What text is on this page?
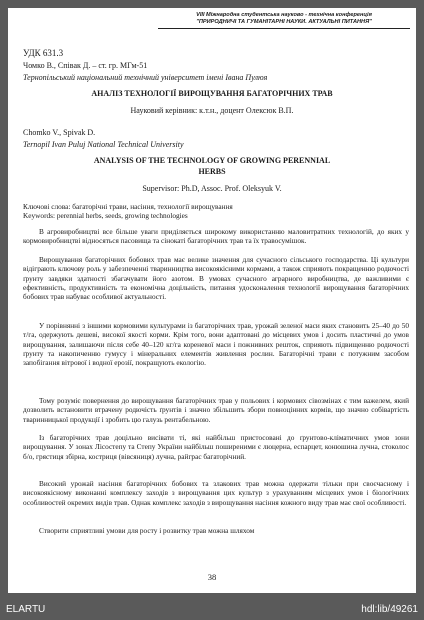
VIII Міжнародна студентська науково - технічна конференція
"ПРИРОДНИЧІ ТА ГУМАНІТАРНІ НАУКИ. АКТУАЛЬНІ ПИТАННЯ"
УДК 631.3
Чомко В., Співак Д. – ст. гр. МГм-51
Тернопільський національний технічний університет імені Івана Пулюя
АНАЛІЗ ТЕХНОЛОГІЇ ВИРОЩУВАННЯ БАГАТОРІЧНИХ ТРАВ
Науковий керівник: к.т.н., доцент Олексюк В.П.
Chomko V., Spivak D.
Ternopil Ivan Puluj National Technical University
ANALYSIS OF THE TECHNOLOGY OF GROWING PERENNIAL
HERBS
Supervisor: Ph.D, Assoc. Prof. Oleksyuk V.
Ключові слова: багаторічні трави, насіння, технології вирощування
Keywords: perennial herbs, seeds, growing technologies
В агровиробництві все більше уваги приділяється широкому використанню маловитратних технологій, до яких у кормовиробництві відносяться пасовища та сінокаті багаторічних трав та їх травосумішок.
Вирощування багаторічних бобових трав має велике значення для сучасного сільського господарства. Ці культури відіграють ключову роль у забезпеченні тваринництва високоякісними кормами, а також сприяють покращенню родючості ґрунту завдяки здатності збагачувати його азотом. В умовах сучасного аграрного виробництва, де важливими є ефективність, продуктивність та економічна доцільність, питання удосконалення технології вирощування багаторічних бобових трав набуває особливої актуальності.
У порівнянні з іншими кормовими культурами із багаторічних трав, урожай зеленої маси яких становить 25–40 до 50 т/га, одержують дешеві, високої якості корми. Крім того, вони адаптовані до місцевих умов і досить пластичні до умов вирощування, залишаючи після себе 40–120 кг/га кореневої маси і пожнивних решток, сприяють підвищенню родючості ґрунту та накопиченню гумусу і мінеральних елементів живлення рослин. Багаторічні трави є потужним засобом запобігання вітрової і водної ерозії, покращують екологію.
Тому розуміє повернення до вирощування багаторічних трав у польових і кормових сівозмінах є тим важелем, який дозволить встановити втрачену родючість ґрунтів і значно збільшить збори повноцінних кормів, що значно собівартість тваринницької продукції і зробить цю галузь рентабельною.
Із багаторічних трав доцільно висівати ті, які найбільш пристосовані до ґрунтово-кліматичних умов зони вирощування. У зонах Лісостепу та Степу України найбільш поширеними є люцерна, еспарцет, конюшина лучна, стоколос б/о, грястиця збірна, костриця (вівсяниця) лучна, райграс багаторічний.
Високий урожай насіння багаторічних бобових та злакових трав можна одержати тільки при своєчасному і високоякісному виконанні комплексу заходів з вирощування цих культур з урахуванням місцевих умов і біологічних особливостей окремих видів трав. Однак комплекс заходів з вирощування насіння кожного виду трав має свої особливості.
Створити сприятливі умови для росту і розвитку трав можна шляхом
38
ELARTU	hdl:lib/49261
